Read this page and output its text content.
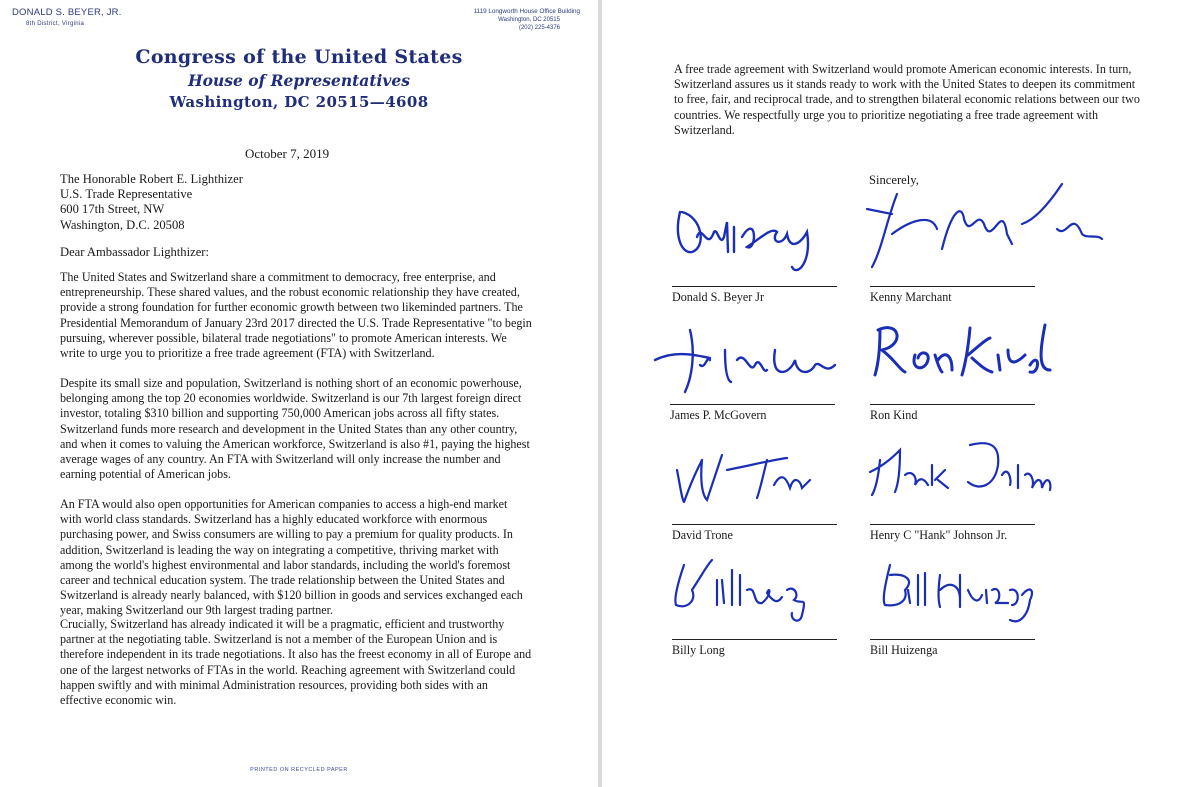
DONALD S. BEYER, JR.
8th District, Virginia
1119 Longworth House Office Building
Washington, DC 20515
(202) 225-4376
Congress of the United States
House of Representatives
Washington, DC 20515—4608
October 7, 2019
The Honorable Robert E. Lighthizer
U.S. Trade Representative
600 17th Street, NW
Washington, D.C. 20508
Dear Ambassador Lighthizer:

The United States and Switzerland share a commitment to democracy, free enterprise, and
entrepreneurship. These shared values, and the robust economic relationship they have created,
provide a strong foundation for further economic growth between two likeminded partners. The
Presidential Memorandum of January 23rd 2017 directed the U.S. Trade Representative "to begin
pursuing, wherever possible, bilateral trade negotiations" to promote American interests. We
write to urge you to prioritize a free trade agreement (FTA) with Switzerland.

Despite its small size and population, Switzerland is nothing short of an economic powerhouse,
belonging among the top 20 economies worldwide. Switzerland is our 7th largest foreign direct
investor, totaling $310 billion and supporting 750,000 American jobs across all fifty states.
Switzerland funds more research and development in the United States than any other country,
and when it comes to valuing the American workforce, Switzerland is also #1, paying the highest
average wages of any country. An FTA with Switzerland will only increase the number and
earning potential of American jobs.

An FTA would also open opportunities for American companies to access a high-end market
with world class standards. Switzerland has a highly educated workforce with enormous
purchasing power, and Swiss consumers are willing to pay a premium for quality products. In
addition, Switzerland is leading the way on integrating a competitive, thriving market with
among the world's highest environmental and labor standards, including the world's foremost
career and technical education system. The trade relationship between the United States and
Switzerland is already nearly balanced, with $120 billion in goods and services exchanged each
year, making Switzerland our 9th largest trading partner.

Crucially, Switzerland has already indicated it will be a pragmatic, efficient and trustworthy
partner at the negotiating table. Switzerland is not a member of the European Union and is
therefore independent in its trade negotiations. It also has the freest economy in all of Europe and
one of the largest networks of FTAs in the world. Reaching agreement with Switzerland could
happen swiftly and with minimal Administration resources, providing both sides with an
effective economic win.

PRINTED ON RECYCLED PAPER

A free trade agreement with Switzerland would promote American economic interests. In turn,
Switzerland assures us it stands ready to work with the United States to deepen its commitment
to free, fair, and reciprocal trade, and to strengthen bilateral economic relations between our two
countries. We respectfully urge you to prioritize negotiating a free trade agreement with
Switzerland.

Sincerely,
Donald S. Beyer Jr	Kenny Marchant
James P. McGovern	Ron Kind
David Trone	Henry C "Hank" Johnson Jr.
Billy Long	Bill Huizenga
